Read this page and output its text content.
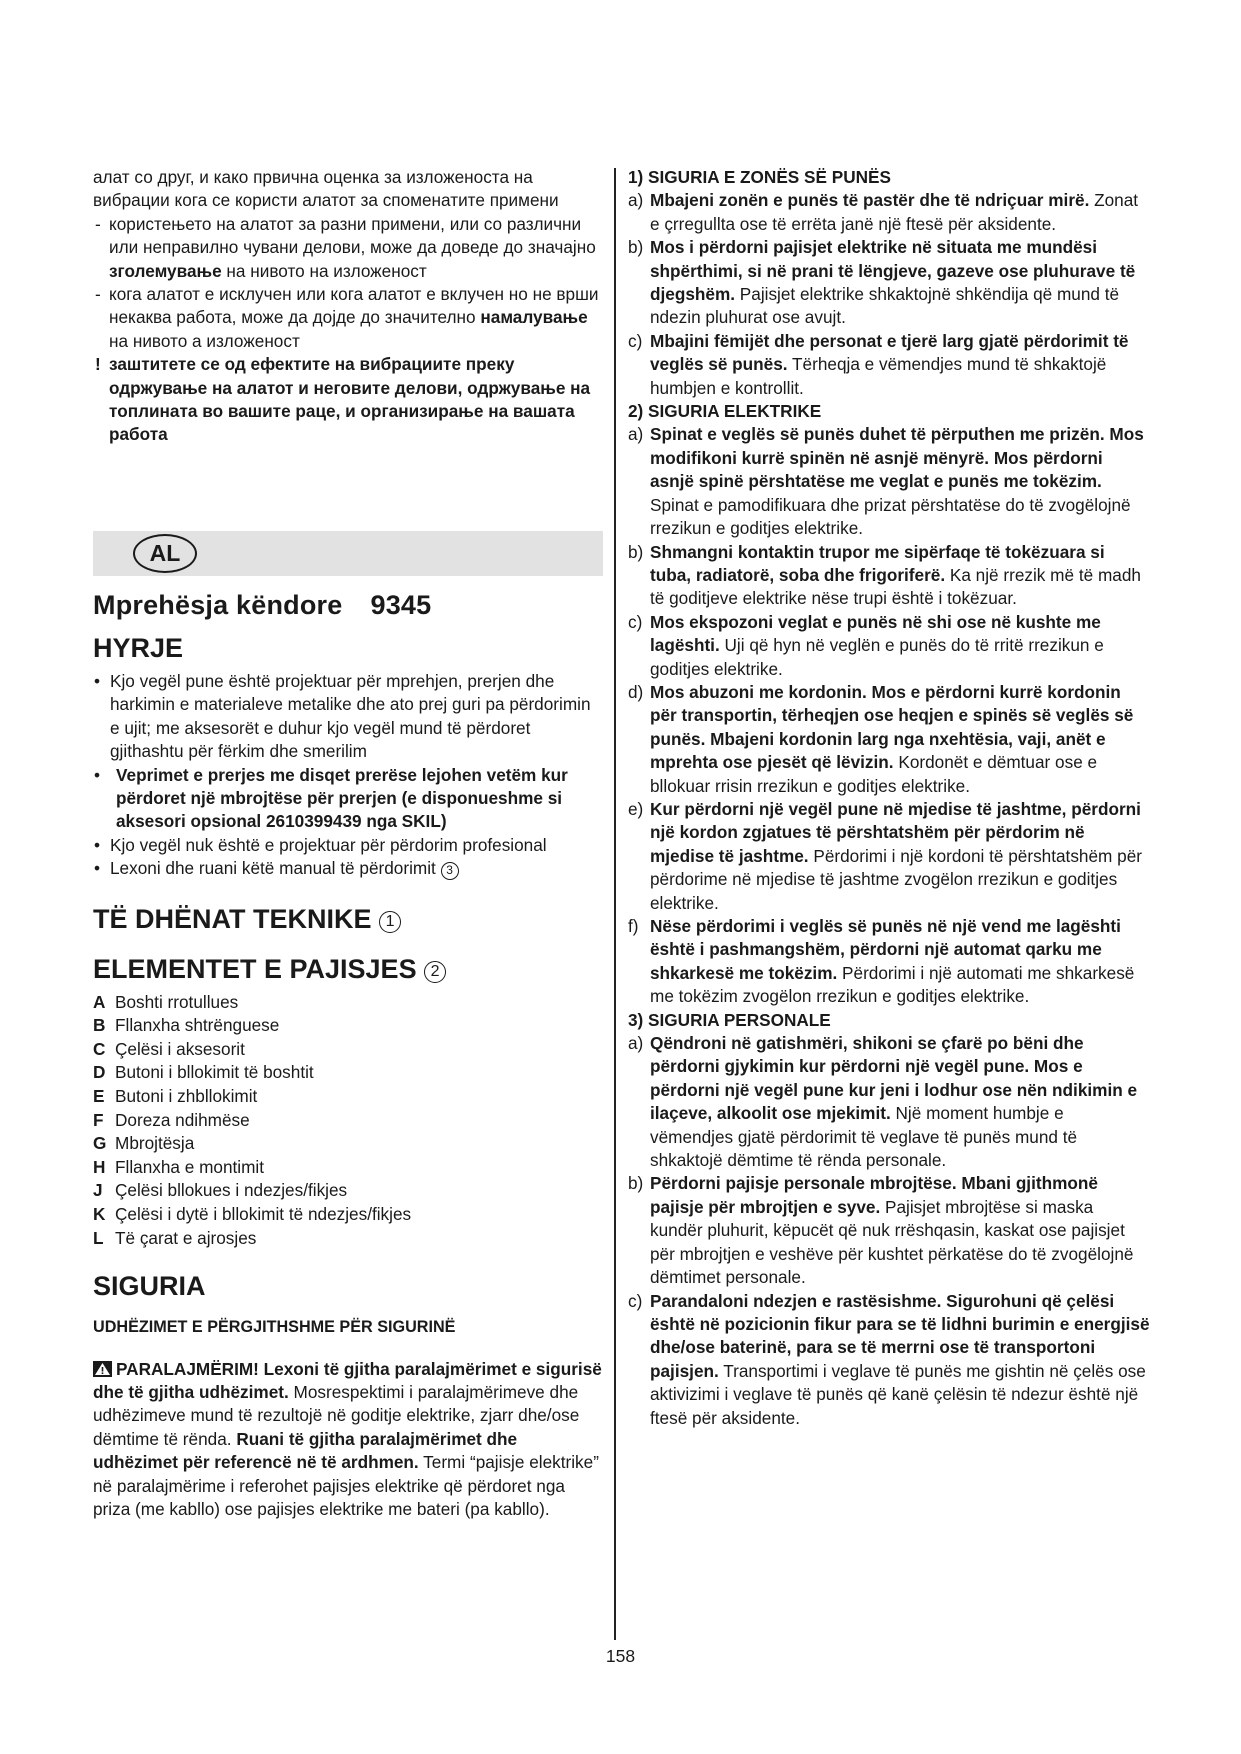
алат со друг, и како првична оценка за изложеноста на вибрации кога се користи алатот за споменатите примени

- користењето на алатот за разни примени, или со различни или неправилно чувани делови, може да доведе до значајно зголемување на нивото на изложеност
- кога алатот е исклучен или кога алатот е вклучен но не врши некаква работа, може да дојде до значително намалување на нивото а изложеност
! заштитете се од ефектите на вибрациите преку одржување на алатот и неговите делови, одржување на топлината во вашите раце, и организирање на вашата работа
AL
Mprehësja këndore 9345
HYRJE
• Kjo vegël pune është projektuar për mprehjen, prerjen dhe harkimin e materialeve metalike dhe ato prej guri pa përdorimin e ujit; me aksesorët e duhur kjo vegël mund të përdoret gjithashtu për fërkim dhe smerilim
• Veprimet e prerjes me disqet prerëse lejohen vetëm kur përdoret një mbrojtëse për prerjen (e disponueshme si aksesori opsional 2610399439 nga SKIL)
• Kjo vegël nuk është e projektuar për përdorim profesional
• Lexoni dhe ruani këtë manual të përdorimit 3
TË DHËNAT TEKNIKE 1
ELEMENTET E PAJISJES 2
A Boshti rrotullues
B Fllanxha shtrënguese
C Çelësi i aksesorit
D Butoni i bllokimit të boshtit
E Butoni i zhbllokimit
F Doreza ndihmëse
G Mbrojtësja
H Fllanxha e montimit
J Çelësi bllokues i ndezjes/fikjes
K Çelësi i dytë i bllokimit të ndezjes/fikjes
L Të çarat e ajrosjes
SIGURIA
UDHËZIMET E PËRGJITHSHME PËR SIGURINË

PARALAJMËRIM! Lexoni të gjitha paralajmërimet e sigurisë dhe të gjitha udhëzimet. Mosrespektimi i paralajmërimeve dhe udhëzimeve mund të rezultojë në goditje elektrike, zjarr dhe/ose dëmtime të rënda. Ruani të gjitha paralajmërimet dhe udhëzimet për referencë në të ardhmen. Termi “pajisje elektrike” në paralajmërime i referohet pajisjes elektrike që përdoret nga priza (me kabllo) ose pajisjes elektrike me bateri (pa kabllo).

1) SIGURIA E ZONËS SË PUNËS
a) Mbajeni zonën e punës të pastër dhe të ndriçuar mirë. Zonat e çrregullta ose të errëta janë një ftesë për aksidente.
b) Mos i përdorni pajisjet elektrike në situata me mundësi shpërthimi, si në prani të lëngjeve, gazeve ose pluhurave të djegshëm. Pajisjet elektrike shkaktojnë shkëndija që mund të ndezin pluhurat ose avujt.
c) Mbajini fëmijët dhe personat e tjerë larg gjatë përdorimit të veglës së punës. Tërheqja e vëmendjes mund të shkaktojë humbjen e kontrollit.
2) SIGURIA ELEKTRIKE
a) Spinat e veglës së punës duhet të përputhen me prizën. Mos modifikoni kurrë spinën në asnjë mënyrë. Mos përdorni asnjë spinë përshtatëse me veglat e punës me tokëzim. Spinat e pamodifikuara dhe prizat përshtatëse do të zvogëlojnë rrezikun e goditjes elektrike.
b) Shmangni kontaktin trupor me sipërfaqe të tokëzuara si tuba, radiatorë, soba dhe frigoriferë. Ka një rrezik më të madh të goditjeve elektrike nëse trupi është i tokëzuar.
c) Mos ekspozoni veglat e punës në shi ose në kushte me lagështi. Uji që hyn në veglën e punës do të rritë rrezikun e goditjes elektrike.
d) Mos abuzoni me kordonin. Mos e përdorni kurrë kordonin për transportin, tërheqjen ose heqjen e spinës së veglës së punës. Mbajeni kordonin larg nga nxehtësia, vaji, anët e mprehta ose pjesët që lëvizin. Kordonët e dëmtuar ose e bllokuar rrisin rrezikun e goditjes elektrike.
e) Kur përdorni një vegël pune në mjedise të jashtme, përdorni një kordon zgjatues të përshtatshëm për përdorim në mjedise të jashtme. Përdorimi i një kordoni të përshtatshëm për përdorime në mjedise të jashtme zvogëlon rrezikun e goditjes elektrike.
f) Nëse përdorimi i veglës së punës në një vend me lagështi është i pashmangshëm, përdorni një automat qarku me shkarkesë me tokëzim. Përdorimi i një automati me shkarkesë me tokëzim zvogëlon rrezikun e goditjes elektrike.
3) SIGURIA PERSONALE
a) Qëndroni në gatishmëri, shikoni se çfarë po bëni dhe përdorni gjykimin kur përdorni një vegël pune. Mos e përdorni një vegël pune kur jeni i lodhur ose nën ndikimin e ilaçeve, alkoolit ose mjekimit. Një moment humbje e vëmendjes gjatë përdorimit të veglave të punës mund të shkaktojë dëmtime të rënda personale.
b) Përdorni pajisje personale mbrojtëse. Mbani gjithmonë pajisje për mbrojtjen e syve. Pajisjet mbrojtëse si maska kundër pluhurit, këpucët që nuk rrëshqasin, kaskat ose pajisjet për mbrojtjen e veshëve për kushtet përkatëse do të zvogëlojnë dëmtimet personale.
c) Parandaloni ndezjen e rastësishme. Sigurohuni që çelësi është në pozicionin fikur para se të lidhni burimin e energjisë dhe/ose baterinë, para se të merrni ose të transportoni pajisjen. Transportimi i veglave të punës me gishtin në çelës ose aktivizimi i veglave të punës që kanë çelësin të ndezur është një ftesë për aksidente.
158
